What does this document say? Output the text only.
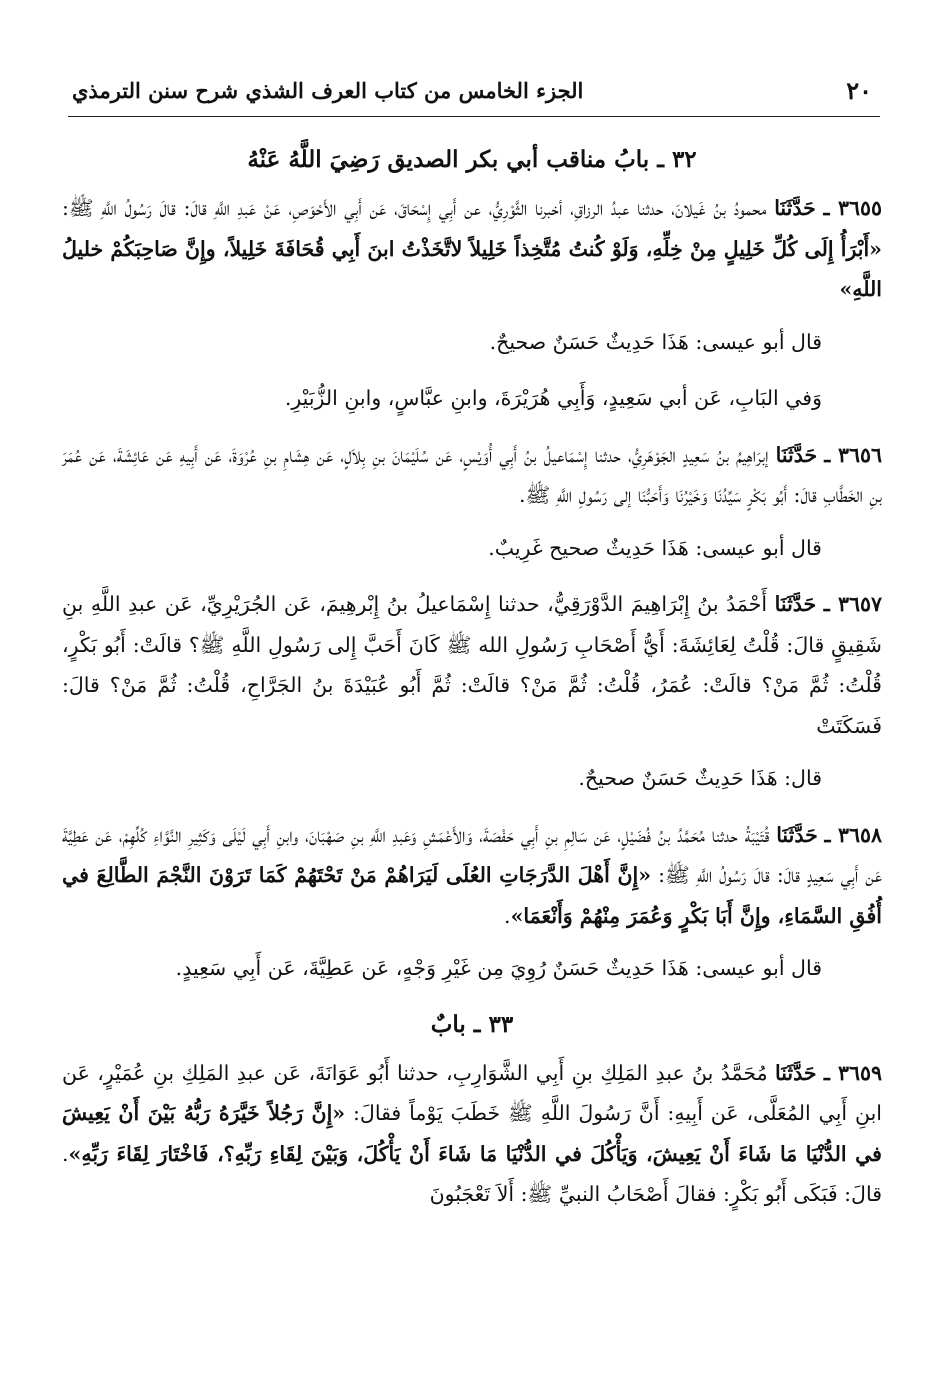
٢٠
الجزء الخامس من كتاب العرف الشذي شرح سنن الترمذي
٣٢ ـ بابُ مناقب أبي بكر الصديق رَضِيَ اللَّهُ عَنْهُ

٣٦٥٥ ـ حَدَّثَنَا محمودُ بنُ غَيلانَ، حدثنا عبدُ الرزاقِ، أخبرنا الثَّوْرِيُّ، عن أَبِي إِسْحَاقَ، عَن أَبِي الأَحْوَصِ، عَنْ عَبدِ اللَّهِ قالَ: قالَ رَسُولُ اللَّهِ ﷺ: «أَبْرَأُ إِلَى كُلِّ خَلِيلٍ مِنْ خِلِّهِ، وَلَوْ كُنتُ مُتَّخِذاً خَلِيلاً لاتَّخَذْتُ ابنَ أَبِي قُحَافَةَ خَلِيلاً، وإِنَّ صَاحِبَكُمْ خليلُ اللَّهِ»

قال أبو عيسى: هَذَا حَدِيثٌ حَسَنٌ صحيحٌ.

وَفي البَابِ، عَن أبي سَعِيدٍ، وَأَبِي هُرَيْرَةَ، وابنِ عبَّاسٍ، وابنِ الزُّبَيْرِ.

٣٦٥٦ ـ حَدَّثَنَا إبرَاهِيمُ بنُ سَعِيدٍ الجَوْهَرِيُّ، حدثنا إِسْمَاعيلُ بنُ أَبِي أُوَيْسٍ، عَن سُلَيْمَانَ بنِ بِلاَلٍ، عَن هِشَامِ بنِ عُرْوَةَ، عَن أَبِيهِ عَن عَائِشَةَ، عَن عُمَرَ بنِ الخَطَّابِ قالَ: أَبُو بَكْرٍ سَيِّدُنَا وَخَيْرُنَا وَأَحَبُّنَا إلى رَسُولِ اللَّهِ ﷺ.

قال أبو عيسى: هَذَا حَدِيثٌ صحيح غَرِيبٌ.

٣٦٥٧ ـ حَدَّثَنَا أَحْمَدُ بنُ إِبْرَاهِيمَ الدَّوْرَقِيُّ، حدثنا إِسْمَاعيلُ بنُ إِبْرهِيمَ، عَن الجُرَيْرِيِّ، عَن عبدِ اللَّهِ بنِ شَقِيقٍ قالَ: قُلْتُ لِعَائِشَةَ: أَيُّ أَصْحَابِ رَسُولِ الله ﷺ كَانَ أَحَبَّ إِلى رَسُولِ اللَّهِ ﷺ؟ قالَتْ: أَبُو بَكْرٍ، قُلْتُ: ثُمَّ مَنْ؟ قالَتْ: عُمَرُ، قُلْتُ: ثُمَّ مَنْ؟ قالَتْ: ثُمَّ أَبُو عُبَيْدَةَ بنُ الجَرَّاحِ، قُلْتُ: ثُمَّ مَنْ؟ قالَ: فَسَكَتَتْ

قال: هَذَا حَدِيثٌ حَسَنٌ صحيحٌ.

٣٦٥٨ ـ حَدَّثَنَا قُتَيْبَةُ حدثنا مُحَمَّدُ بنُ فُضَيْلٍ، عَن سَالِمِ بنِ أَبِي حَفْصَةَ، وَالأَعْمَشِ وَعَبدِ اللَّهِ بنِ صَهْبَانَ، وابنِ أَبِي لَيْلَى وَكَثِيرِ النَّوَّاءِ كُلِّهِمْ، عَن عَطِيَّةَ عَن أَبِي سَعِيدٍ قالَ: قالَ رَسُولُ اللَّهِ ﷺ: «إِنَّ أَهْلَ الدَّرَجَاتِ العُلَى لَيَرَاهُمْ مَنْ تَحْتَهُمْ كَمَا تَرَوْنَ النَّجْمَ الطَّالِعَ في أُفُقِ السَّمَاءِ، وإِنَّ أَبَا بَكْرٍ وَعُمَرَ مِنْهُمْ وَأَنْعَمَا».

قال أبو عيسى: هَذَا حَدِيثٌ حَسَنٌ رُوِيَ مِن غَيْرِ وَجْهٍ، عَن عَطِيَّةَ، عَن أَبِي سَعِيدٍ.

٣٣ ـ بابٌ

٣٦٥٩ ـ حَدَّثَنَا مُحَمَّدُ بنُ عبدِ المَلِكِ بنِ أَبِي الشَّوَارِبِ، حدثنا أَبُو عَوَانَةَ، عَن عبدِ المَلِكِ بنِ عُمَيْرٍ، عَن ابنِ أَبِي المُعَلَّى، عَن أَبِيهِ: أَنَّ رَسُولَ اللَّهِ ﷺ خَطَبَ يَوْماً فقالَ: «إِنَّ رَجُلاً خَيَّرَهُ رَبُّهُ بَيْنَ أَنْ يَعِيشَ في الدُّنْيَا مَا شَاءَ أَنْ يَعِيشَ، وَيَأْكُلَ في الدُّنْيَا مَا شَاءَ أَنْ يَأْكُلَ، وَبَيْنَ لِقَاءِ رَبِّهِ؟، فَاخْتَارَ لِقَاءَ رَبِّهِ». قالَ: فَبَكَى أَبُو بَكْرٍ: فقالَ أَصْحَابُ النبيِّ ﷺ: أَلاَ تَعْجَبُونَ
